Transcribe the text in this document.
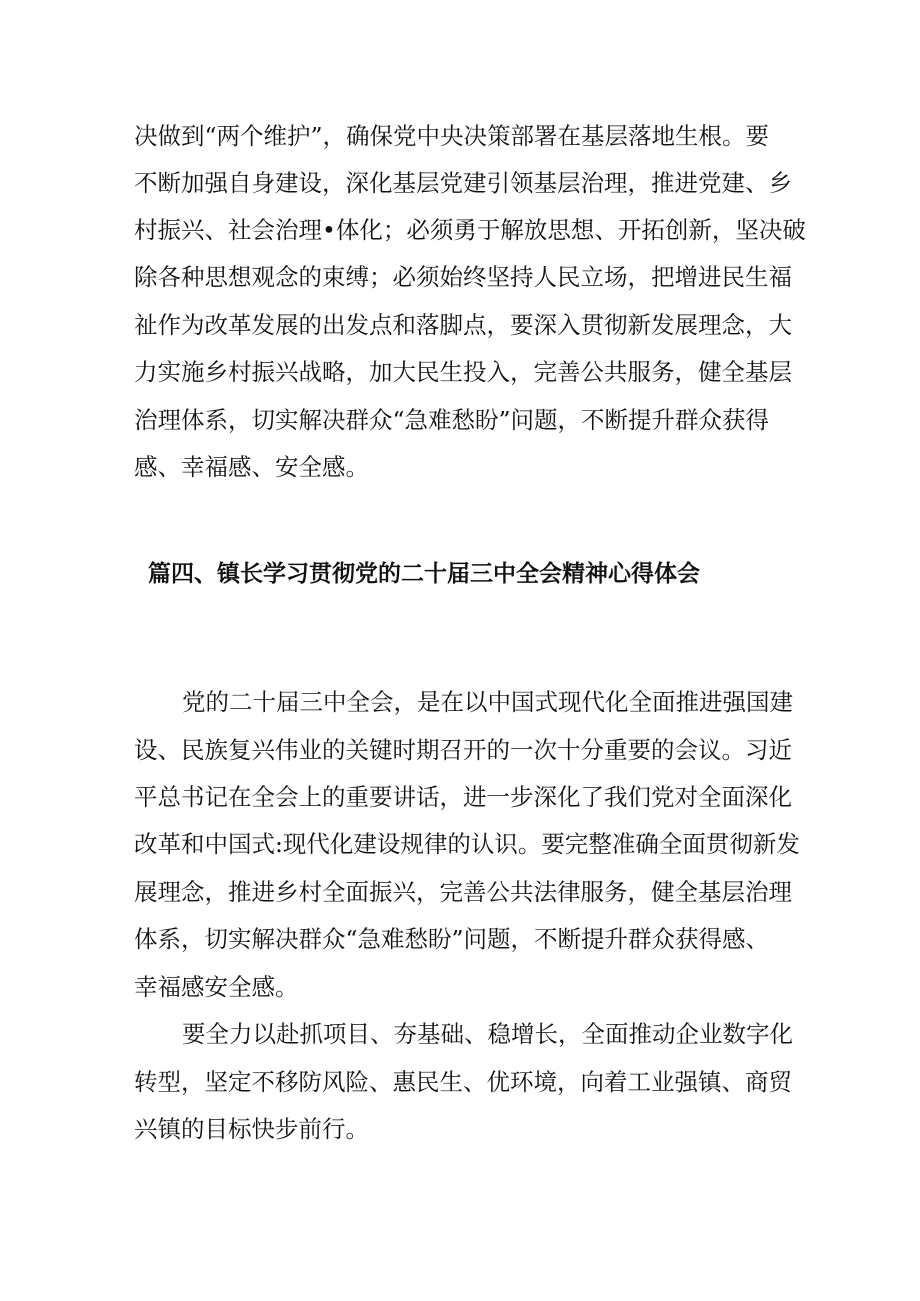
决做到“两个维护”，确保党中央决策部署在基层落地生根。要
不断加强自身建设，深化基层党建引领基层治理，推进党建、乡
村振兴、社会治理•体化；必须勇于解放思想、开拓创新，坚决破
除各种思想观念的束缚；必须始终坚持人民立场，把增进民生福
祉作为改革发展的出发点和落脚点，要深入贯彻新发展理念，大
力实施乡村振兴战略，加大民生投入，完善公共服务，健全基层
治理体系，切实解决群众“急难愁盼”问题，不断提升群众获得
感、幸福感、安全感。
篇四、镇长学习贯彻党的二十届三中全会精神心得体会
党的二十届三中全会，是在以中国式现代化全面推进强国建
设、民族复兴伟业的关键时期召开的一次十分重要的会议。习近
平总书记在全会上的重要讲话，进一步深化了我们党对全面深化
改革和中国式:现代化建设规律的认识。要完整准确全面贯彻新发
展理念，推进乡村全面振兴，完善公共法律服务，健全基层治理
体系，切实解决群众“急难愁盼”问题，不断提升群众获得感、
幸福感安全感。
要全力以赴抓项目、夯基础、稳增长，全面推动企业数字化
转型，坚定不移防风险、惠民生、优环境，向着工业强镇、商贸
兴镇的目标快步前行。
